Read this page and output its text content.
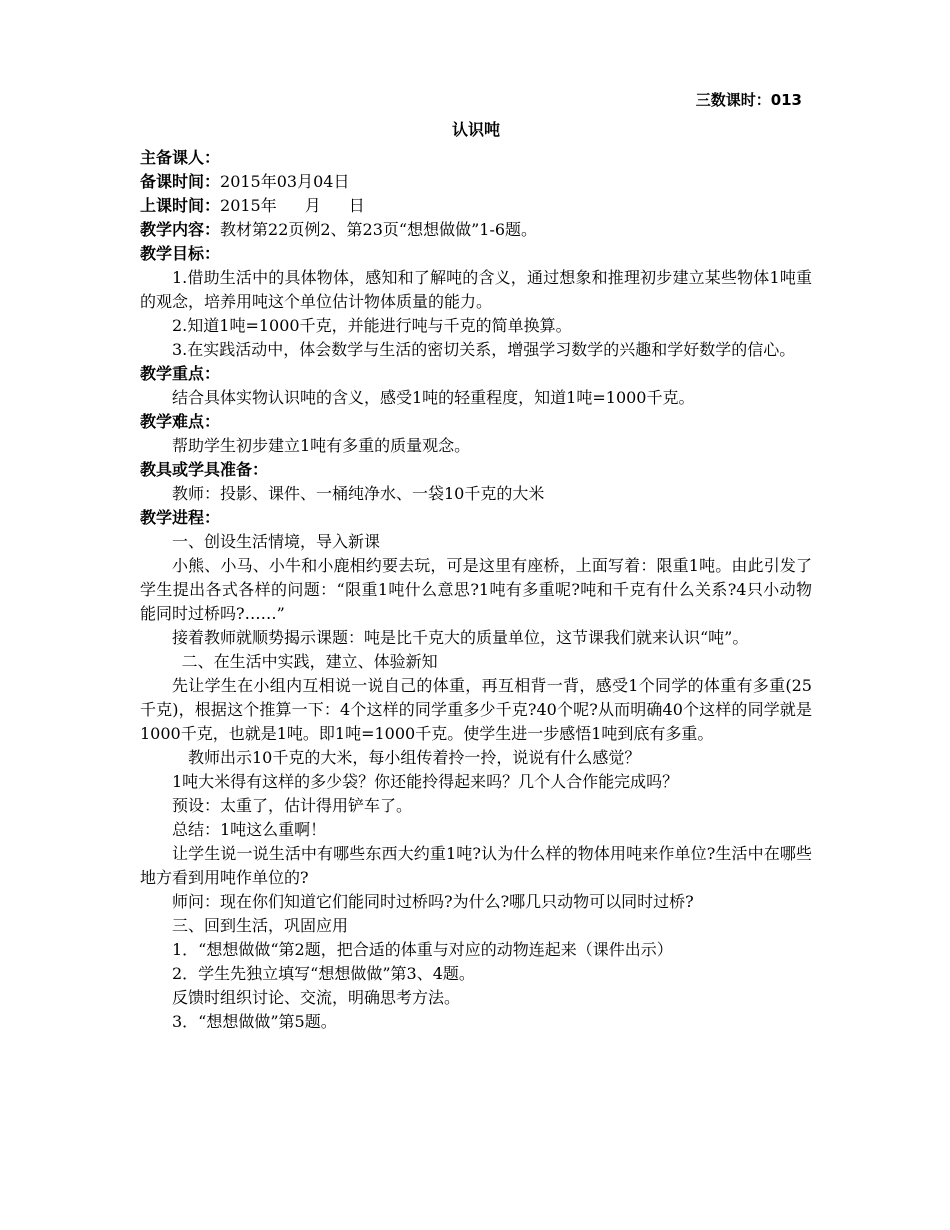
三数课时：013

认识吨

主备课人：

备课时间：2015年03月04日

上课时间：2015年 月 日

教学内容：教材第22页例2、第23页“想想做做”1-6题。

教学目标：

1.借助生活中的具体物体，感知和了解吨的含义，通过想象和推理初步建立某些物体1吨重的观念，培养用吨这个单位估计物体质量的能力。

2.知道1吨=1000千克，并能进行吨与千克的简单换算。

3.在实践活动中，体会数学与生活的密切关系，增强学习数学的兴趣和学好数学的信心。

教学重点：

结合具体实物认识吨的含义，感受1吨的轻重程度，知道1吨=1000千克。

教学难点：

帮助学生初步建立1吨有多重的质量观念。

教具或学具准备：

教师：投影、课件、一桶纯净水、一袋10千克的大米

教学进程：

一、创设生活情境，导入新课

小熊、小马、小牛和小鹿相约要去玩，可是这里有座桥，上面写着：限重1吨。由此引发了学生提出各式各样的问题：“限重1吨什么意思?1吨有多重呢?吨和千克有什么关系?4只小动物能同时过桥吗?……”

接着教师就顺势揭示课题：吨是比千克大的质量单位，这节课我们就来认识“吨”。

二、在生活中实践，建立、体验新知

先让学生在小组内互相说一说自己的体重，再互相背一背，感受1个同学的体重有多重(25千克)，根据这个推算一下：4个这样的同学重多少千克?40个呢?从而明确40个这样的同学就是1000千克，也就是1吨。即1吨=1000千克。使学生进一步感悟1吨到底有多重。

教师出示10千克的大米，每小组传着拎一拎，说说有什么感觉？

1吨大米得有这样的多少袋？你还能拎得起来吗？几个人合作能完成吗？

预设：太重了，估计得用铲车了。

总结：1吨这么重啊！

让学生说一说生活中有哪些东西大约重1吨?认为什么样的物体用吨来作单位?生活中在哪些地方看到用吨作单位的?

师问：现在你们知道它们能同时过桥吗?为什么?哪几只动物可以同时过桥?

三、回到生活，巩固应用

1．“想想做做“第2题，把合适的体重与对应的动物连起来（课件出示）

2．学生先独立填写“想想做做”第3、4题。

反馈时组织讨论、交流，明确思考方法。

3．“想想做做”第5题。
